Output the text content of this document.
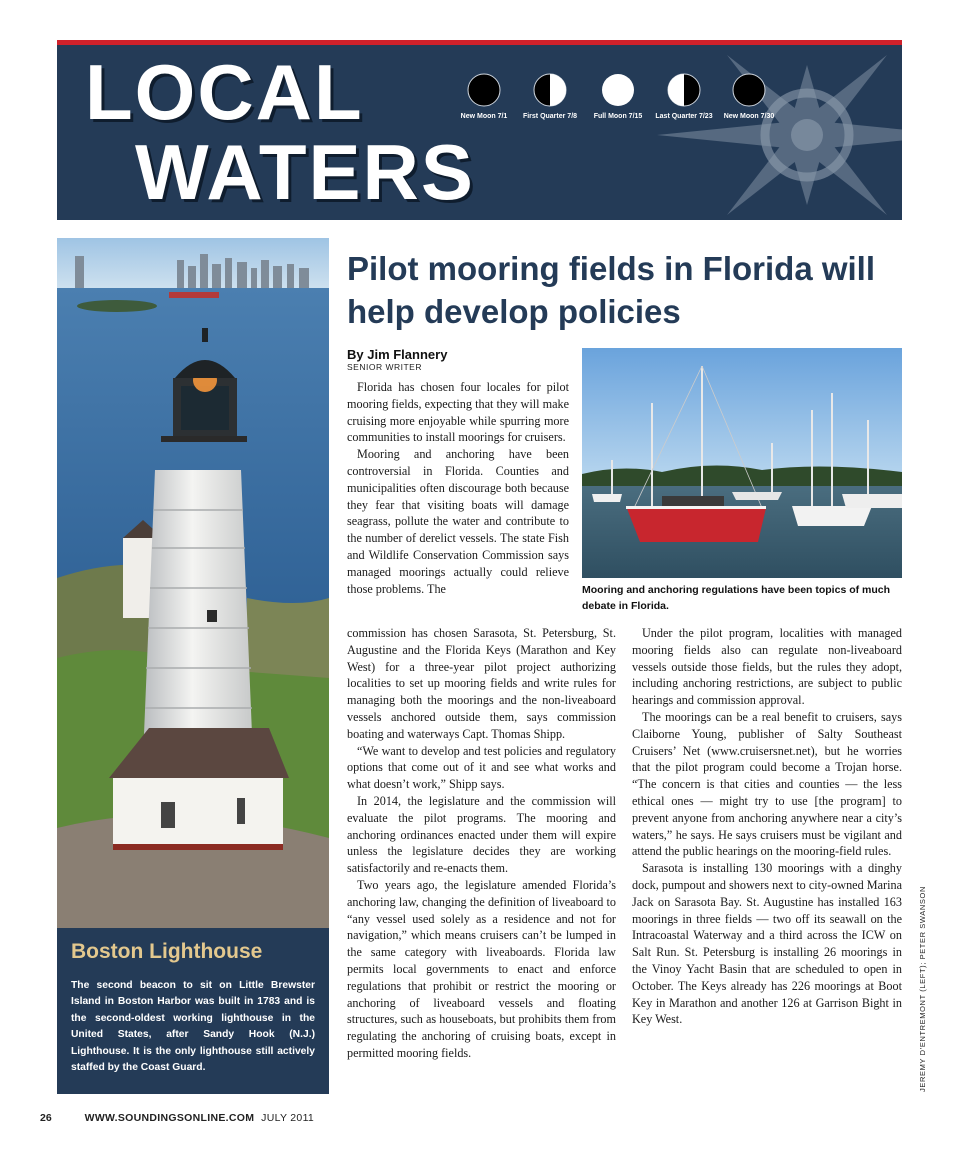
LOCAL
WATERS
New Moon 7/1	First Quarter 7/8	Full Moon 7/15	Last Quarter 7/23	New Moon 7/30
Boston Lighthouse
The second beacon to sit on Little Brewster Island in Boston Harbor was built in 1783 and is the second-oldest working lighthouse in the United States, after Sandy Hook (N.J.) Lighthouse. It is the only lighthouse still actively staffed by the Coast Guard.
Pilot mooring fields in Florida will help develop policies
By Jim Flannery
SENIOR WRITER
Mooring and anchoring regulations have been topics of much debate in Florida.

Florida has chosen four locales for pilot mooring fields, expecting that they will make cruising more enjoyable while spurring more communities to install moorings for cruisers.

Mooring and anchoring have been controversial in Florida. Counties and municipalities often discourage both because they fear that visiting boats will damage seagrass, pollute the water and contribute to the number of derelict vessels. The state Fish and Wildlife Conservation Commission says managed moorings actually could relieve those problems. The

commission has chosen Sarasota, St. Petersburg, St. Augustine and the Florida Keys (Marathon and Key West) for a three-year pilot project authorizing localities to set up mooring fields and write rules for managing both the moorings and the non-liveaboard vessels anchored outside them, says commission boating and waterways Capt. Thomas Shipp.

“We want to develop and test policies and regulatory options that come out of it and see what works and what doesn’t work,” Shipp says.

In 2014, the legislature and the commission will evaluate the pilot programs. The mooring and anchoring ordinances enacted under them will expire unless the legislature decides they are working satisfactorily and re-enacts them.

Two years ago, the legislature amended Florida’s anchoring law, changing the definition of liveaboard to “any vessel used solely as a residence and not for navigation,” which means cruisers can’t be lumped in the same category with liveaboards. Florida law permits local governments to enact and enforce regulations that prohibit or restrict the mooring or anchoring of liveaboard vessels and floating structures, such as houseboats, but prohibits them from regulating the anchoring of cruising boats, except in permitted mooring fields.

Under the pilot program, localities with managed mooring fields also can regulate non-liveaboard vessels outside those fields, but the rules they adopt, including anchoring restrictions, are subject to public hearings and commission approval.

The moorings can be a real benefit to cruisers, says Claiborne Young, publisher of Salty Southeast Cruisers’ Net (www.cruisersnet.net), but he worries that the pilot program could become a Trojan horse. “The concern is that cities and counties — the less ethical ones — might try to use [the program] to prevent anyone from anchoring anywhere near a city’s waters,” he says. He says cruisers must be vigilant and attend the public hearings on the mooring-field rules.

Sarasota is installing 130 moorings with a dinghy dock, pumpout and showers next to city-owned Marina Jack on Sarasota Bay. St. Augustine has installed 163 moorings in three fields — two off its seawall on the Intracoastal Waterway and a third across the ICW on Salt Run. St. Petersburg is installing 26 moorings in the Vinoy Yacht Basin that are scheduled to open in October. The Keys already has 226 moorings at Boot Key in Marathon and another 126 at Garrison Bight in Key West.	JEREMY D’ENTREMONT (LEFT); PETER SWANSON
26	WWW.SOUNDINGSONLINE.COM JULY 2011
